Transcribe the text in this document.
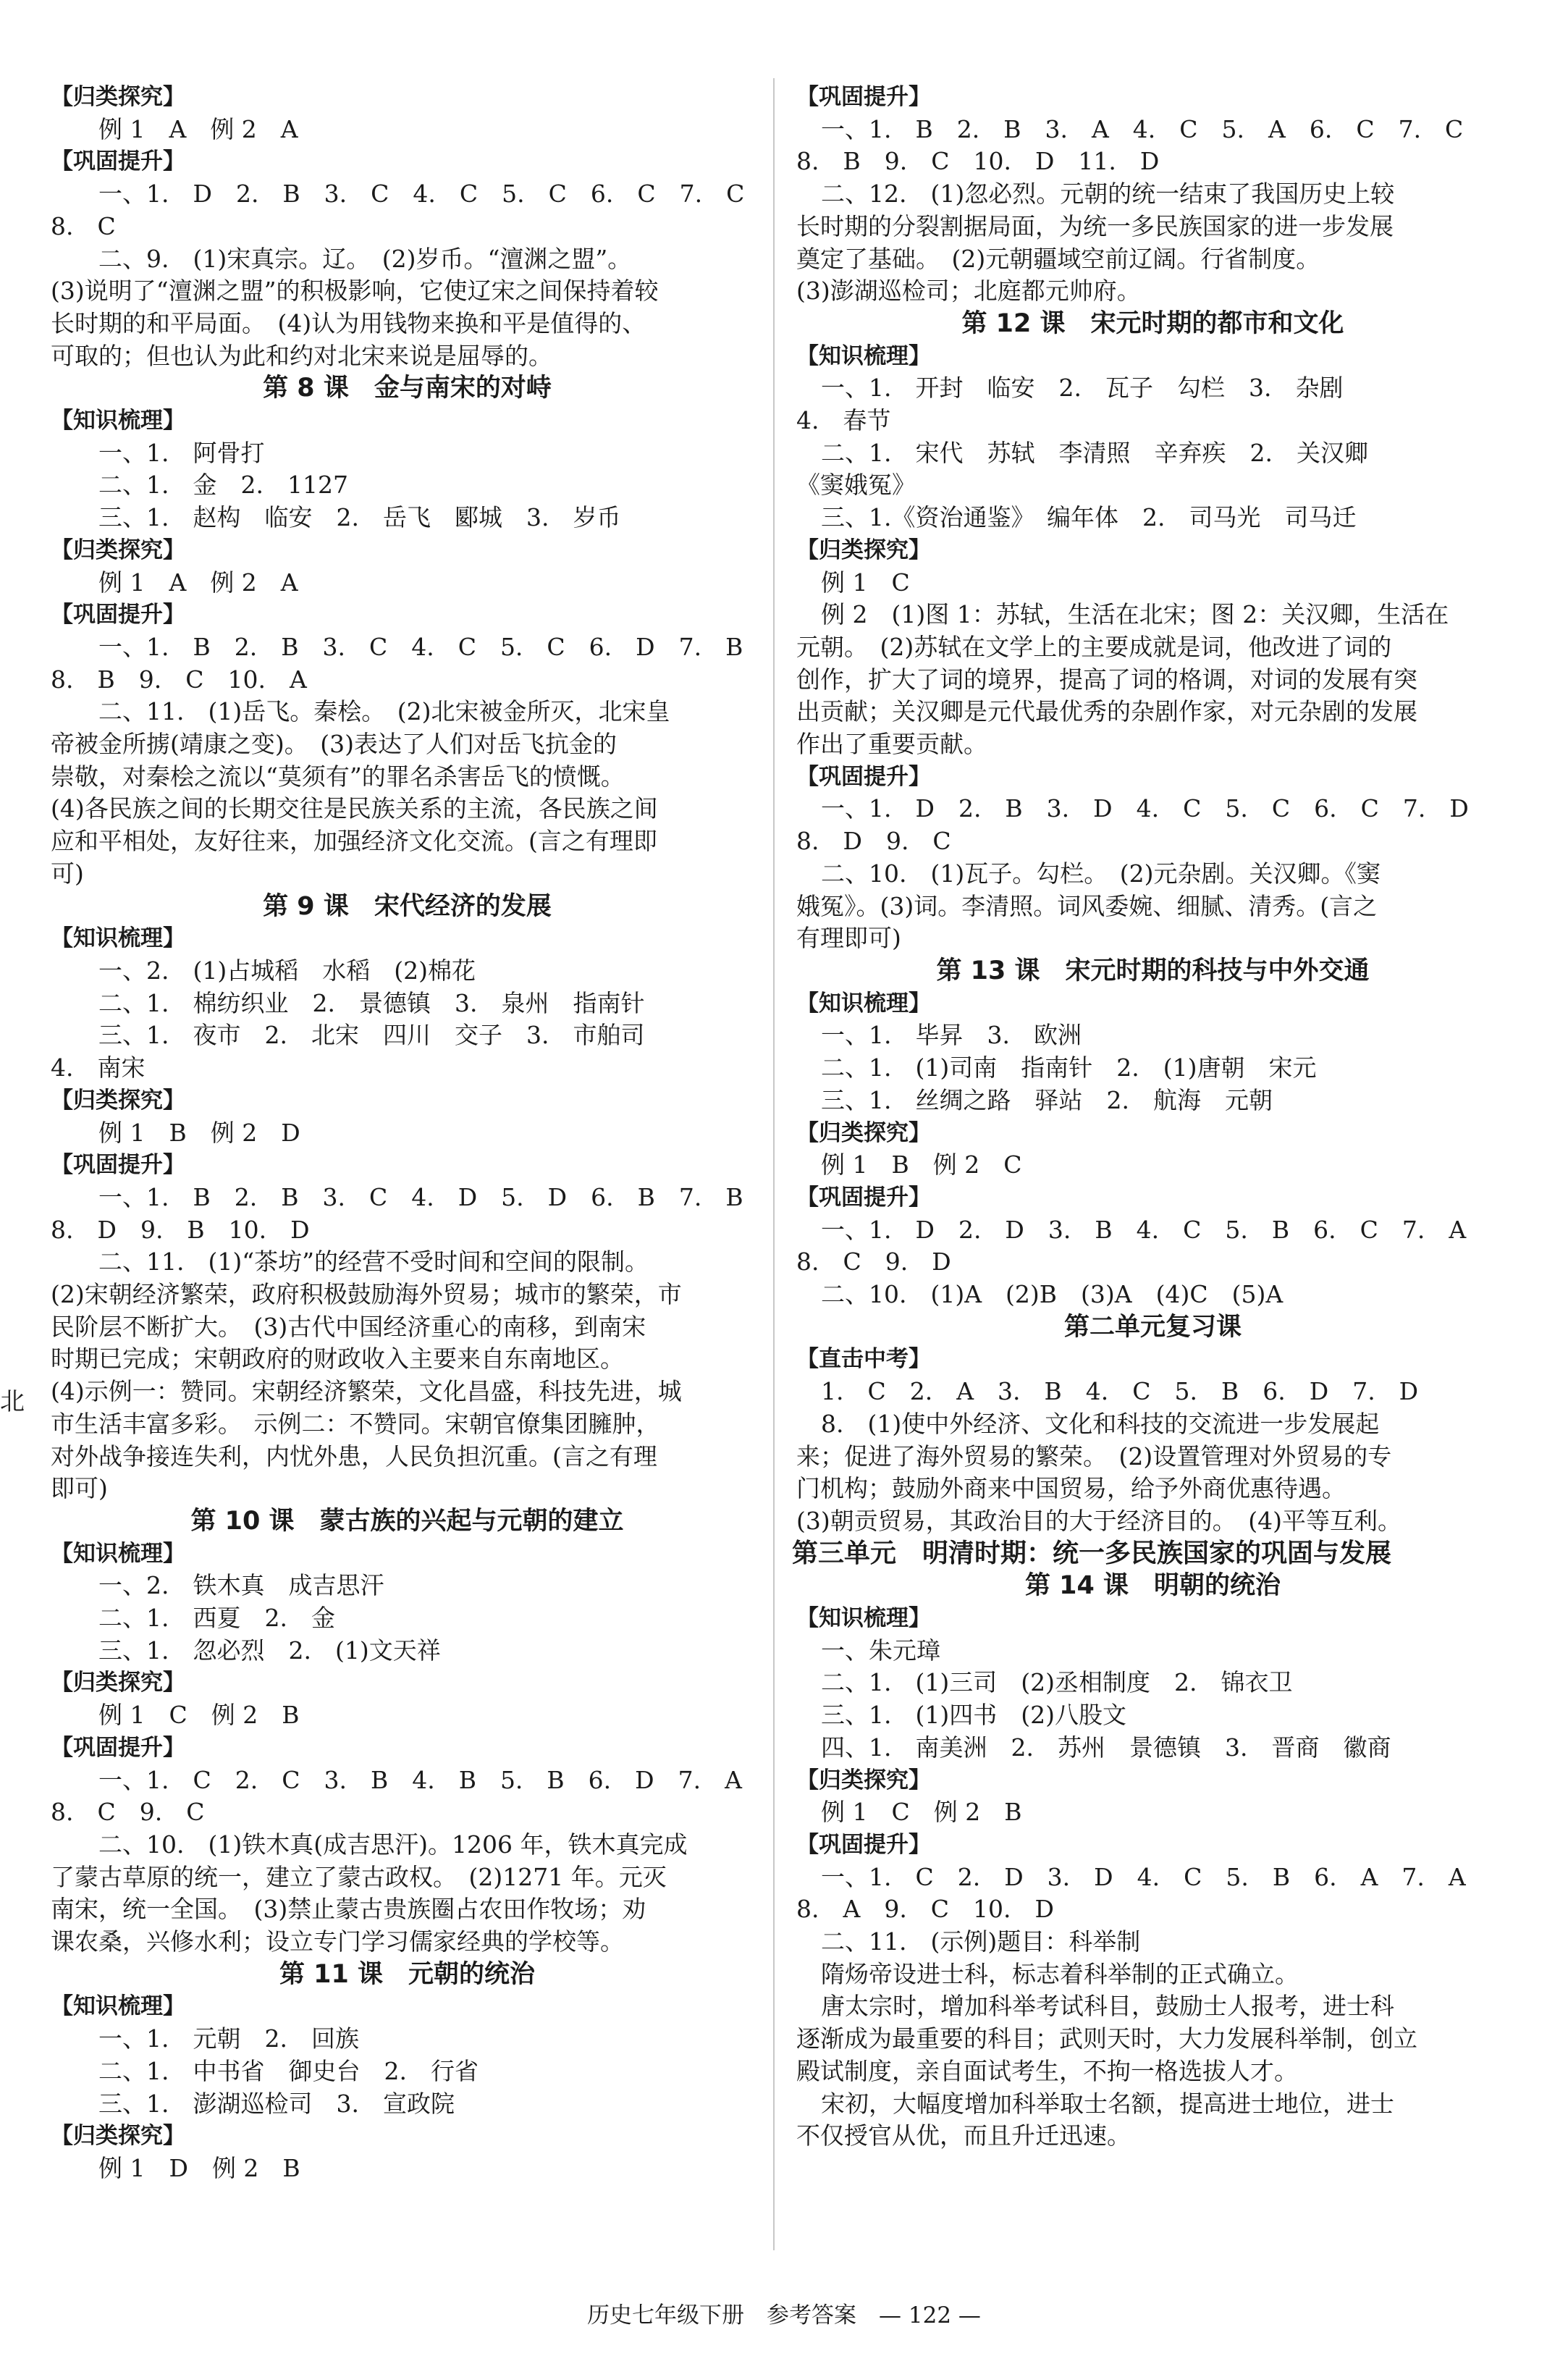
北
【归类探究】
例 1　A　例 2　A
【巩固提升】
一、1.　D　2.　B　3.　C　4.　C　5.　C　6.　C　7.　C
8.　C
二、9.　(1)宋真宗。辽。　(2)岁币。“澶渊之盟”。
(3)说明了“澶渊之盟”的积极影响，它使辽宋之间保持着较
长时期的和平局面。　(4)认为用钱物来换和平是值得的、
可取的；但也认为此和约对北宋来说是屈辱的。
第 8 课　金与南宋的对峙
【知识梳理】
一、1.　阿骨打
二、1.　金　2.　1127
三、1.　赵构　临安　2.　岳飞　郾城　3.　岁币
【归类探究】
例 1　A　例 2　A
【巩固提升】
一、1.　B　2.　B　3.　C　4.　C　5.　C　6.　D　7.　B
8.　B　9.　C　10.　A
二、11.　(1)岳飞。秦桧。　(2)北宋被金所灭，北宋皇
帝被金所掳(靖康之变)。　(3)表达了人们对岳飞抗金的
崇敬，对秦桧之流以“莫须有”的罪名杀害岳飞的愤慨。
(4)各民族之间的长期交往是民族关系的主流，各民族之间
应和平相处，友好往来，加强经济文化交流。(言之有理即
可)
第 9 课　宋代经济的发展
【知识梳理】
一、2.　(1)占城稻　水稻　(2)棉花
二、1.　棉纺织业　2.　景德镇　3.　泉州　指南针
三、1.　夜市　2.　北宋　四川　交子　3.　市舶司
4.　南宋
【归类探究】
例 1　B　例 2　D
【巩固提升】
一、1.　B　2.　B　3.　C　4.　D　5.　D　6.　B　7.　B
8.　D　9.　B　10.　D
二、11.　(1)“茶坊”的经营不受时间和空间的限制。
(2)宋朝经济繁荣，政府积极鼓励海外贸易；城市的繁荣，市
民阶层不断扩大。　(3)古代中国经济重心的南移，到南宋
时期已完成；宋朝政府的财政收入主要来自东南地区。
(4)示例一：赞同。宋朝经济繁荣，文化昌盛，科技先进，城
市生活丰富多彩。　示例二：不赞同。宋朝官僚集团臃肿，
对外战争接连失利，内忧外患，人民负担沉重。(言之有理
即可)
第 10 课　蒙古族的兴起与元朝的建立
【知识梳理】
一、2.　铁木真　成吉思汗
二、1.　西夏　2.　金
三、1.　忽必烈　2.　(1)文天祥
【归类探究】
例 1　C　例 2　B
【巩固提升】
一、1.　C　2.　C　3.　B　4.　B　5.　B　6.　D　7.　A
8.　C　9.　C
二、10.　(1)铁木真(成吉思汗)。1206 年，铁木真完成
了蒙古草原的统一，建立了蒙古政权。　(2)1271 年。元灭
南宋，统一全国。　(3)禁止蒙古贵族圈占农田作牧场；劝
课农桑，兴修水利；设立专门学习儒家经典的学校等。
第 11 课　元朝的统治
【知识梳理】
一、1.　元朝　2.　回族
二、1.　中书省　御史台　2.　行省
三、1.　澎湖巡检司　3.　宣政院
【归类探究】
例 1　D　例 2　B
【巩固提升】
一、1.　B　2.　B　3.　A　4.　C　5.　A　6.　C　7.　C
8.　B　9.　C　10.　D　11.　D
二、12.　(1)忽必烈。元朝的统一结束了我国历史上较
长时期的分裂割据局面，为统一多民族国家的进一步发展
奠定了基础。　(2)元朝疆域空前辽阔。行省制度。
(3)澎湖巡检司；北庭都元帅府。
第 12 课　宋元时期的都市和文化
【知识梳理】
一、1.　开封　临安　2.　瓦子　勾栏　3.　杂剧
4.　春节
二、1.　宋代　苏轼　李清照　辛弃疾　2.　关汉卿
《窦娥冤》
三、1.《资治通鉴》　编年体　2.　司马光　司马迁
【归类探究】
例 1　C
例 2　(1)图 1：苏轼，生活在北宋；图 2：关汉卿，生活在
元朝。　(2)苏轼在文学上的主要成就是词，他改进了词的
创作，扩大了词的境界，提高了词的格调，对词的发展有突
出贡献；关汉卿是元代最优秀的杂剧作家，对元杂剧的发展
作出了重要贡献。
【巩固提升】
一、1.　D　2.　B　3.　D　4.　C　5.　C　6.　C　7.　D
8.　D　9.　C
二、10.　(1)瓦子。勾栏。　(2)元杂剧。关汉卿。《窦
娥冤》。(3)词。李清照。词风委婉、细腻、清秀。(言之
有理即可)
第 13 课　宋元时期的科技与中外交通
【知识梳理】
一、1.　毕昇　3.　欧洲
二、1.　(1)司南　指南针　2.　(1)唐朝　宋元
三、1.　丝绸之路　驿站　2.　航海　元朝
【归类探究】
例 1　B　例 2　C
【巩固提升】
一、1.　D　2.　D　3.　B　4.　C　5.　B　6.　C　7.　A
8.　C　9.　D
二、10.　(1)A　(2)B　(3)A　(4)C　(5)A
第二单元复习课
【直击中考】
1.　C　2.　A　3.　B　4.　C　5.　B　6.　D　7.　D
8.　(1)使中外经济、文化和科技的交流进一步发展起
来；促进了海外贸易的繁荣。　(2)设置管理对外贸易的专
门机构；鼓励外商来中国贸易，给予外商优惠待遇。
(3)朝贡贸易，其政治目的大于经济目的。　(4)平等互利。
第三单元　明清时期：统一多民族国家的巩固与发展
第 14 课　明朝的统治
【知识梳理】
一、朱元璋
二、1.　(1)三司　(2)丞相制度　2.　锦衣卫
三、1.　(1)四书　(2)八股文
四、1.　南美洲　2.　苏州　景德镇　3.　晋商　徽商
【归类探究】
例 1　C　例 2　B
【巩固提升】
一、1.　C　2.　D　3.　D　4.　C　5.　B　6.　A　7.　A
8.　A　9.　C　10.　D
二、11.　(示例)题目：科举制
隋炀帝设进士科，标志着科举制的正式确立。
唐太宗时，增加科举考试科目，鼓励士人报考，进士科
逐渐成为最重要的科目；武则天时，大力发展科举制，创立
殿试制度，亲自面试考生，不拘一格选拔人才。
宋初，大幅度增加科举取士名额，提高进士地位，进士
不仅授官从优，而且升迁迅速。
历史七年级下册　参考答案　— 122 —
